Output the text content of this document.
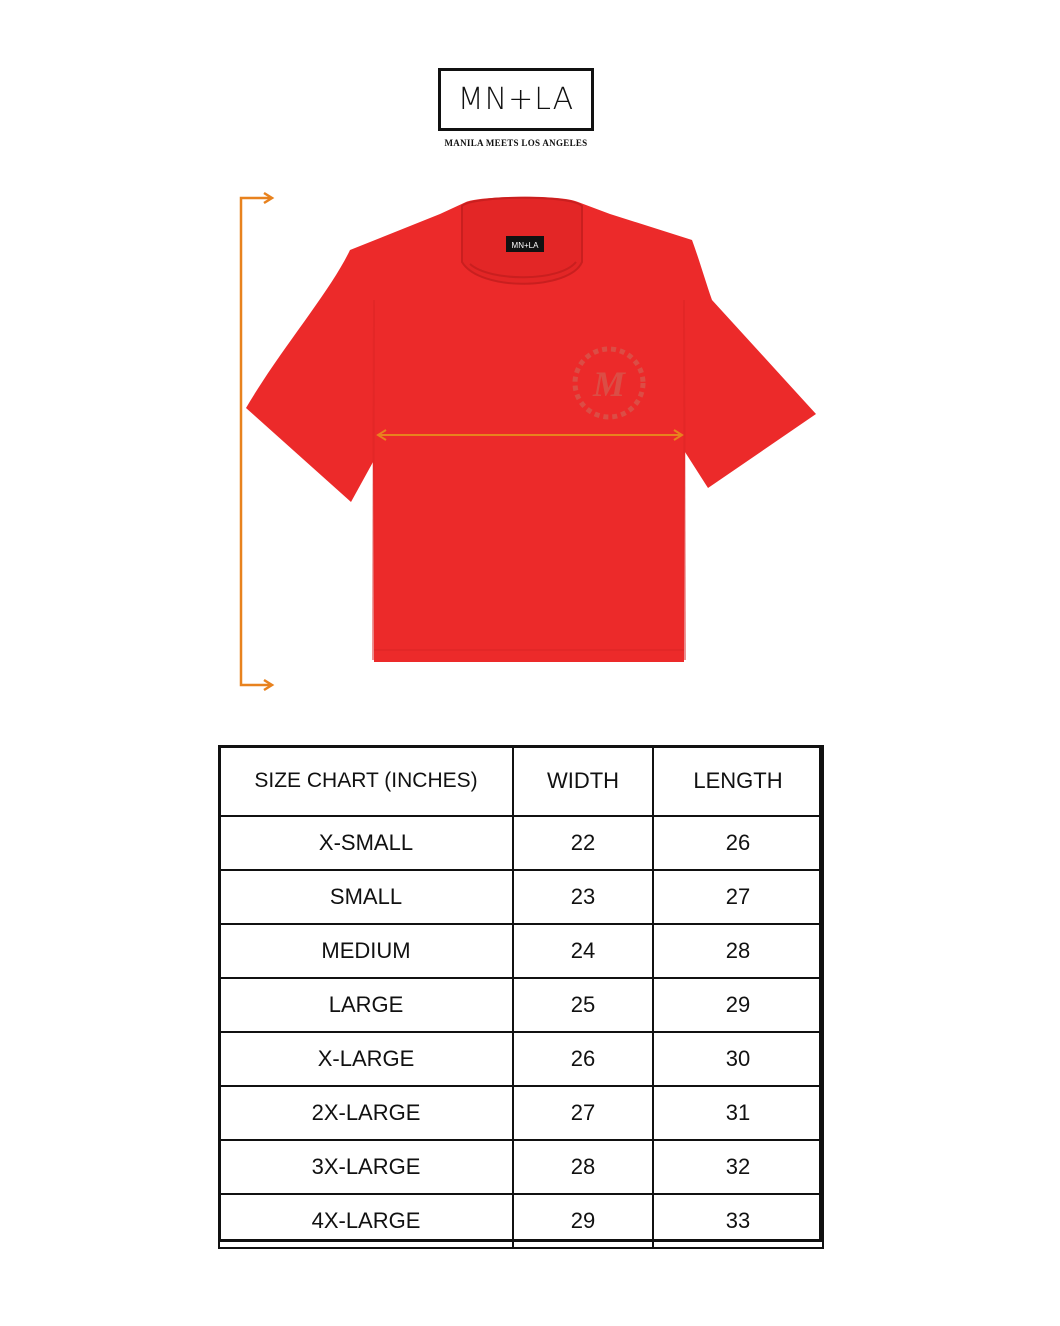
MN+LA
MANILA MEETS LOS ANGELES
MN+LA
M
SIZE CHART (INCHES)	WIDTH	LENGTH
X-SMALL	22	26
SMALL	23	27
MEDIUM	24	28
LARGE	25	29
X-LARGE	26	30
2X-LARGE	27	31
3X-LARGE	28	32
4X-LARGE	29	33
